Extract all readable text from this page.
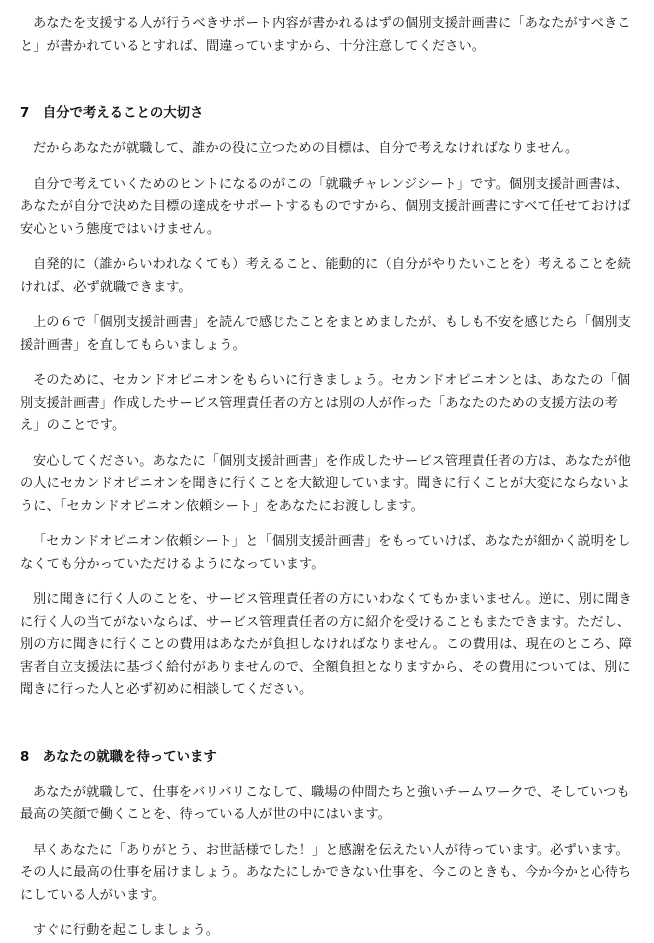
あなたを支援する人が行うべきサポート内容が書かれるはずの個別支援計画書に「あなたがすべきこと」が書かれているとすれば、間違っていますから、十分注意してください。

7　自分で考えることの大切さ

だからあなたが就職して、誰かの役に立つための目標は、自分で考えなければなりません。

自分で考えていくためのヒントになるのがこの「就職チャレンジシート」です。個別支援計画書は、あなたが自分で決めた目標の達成をサポートするものですから、個別支援計画書にすべて任せておけば安心という態度ではいけません。

自発的に（誰からいわれなくても）考えること、能動的に（自分がやりたいことを）考えることを続ければ、必ず就職できます。

上の６で「個別支援計画書」を読んで感じたことをまとめましたが、もしも不安を感じたら「個別支援計画書」を直してもらいましょう。

そのために、セカンドオピニオンをもらいに行きましょう。セカンドオピニオンとは、あなたの「個別支援計画書」作成したサービス管理責任者の方とは別の人が作った「あなたのための支援方法の考え」のことです。

安心してください。あなたに「個別支援計画書」を作成したサービス管理責任者の方は、あなたが他の人にセカンドオピニオンを聞きに行くことを大歓迎しています。聞きに行くことが大変にならないように、「セカンドオピニオン依頼シート」をあなたにお渡しします。

「セカンドオピニオン依頼シート」と「個別支援計画書」をもっていけば、あなたが細かく説明をしなくても分かっていただけるようになっています。

別に聞きに行く人のことを、サービス管理責任者の方にいわなくてもかまいません。逆に、別に聞きに行く人の当てがないならば、サービス管理責任者の方に紹介を受けることもまたできます。ただし、別の方に聞きに行くことの費用はあなたが負担しなければなりません。この費用は、現在のところ、障害者自立支援法に基づく給付がありませんので、全額負担となりますから、その費用については、別に聞きに行った人と必ず初めに相談してください。

8　あなたの就職を待っています

あなたが就職して、仕事をバリバリこなして、職場の仲間たちと強いチームワークで、そしていつも最高の笑顔で働くことを、待っている人が世の中にはいます。

早くあなたに「ありがとう、お世話様でした！」と感謝を伝えたい人が待っています。必ずいます。その人に最高の仕事を届けましょう。あなたにしかできない仕事を、今このときも、今か今かと心待ちにしている人がいます。

すぐに行動を起こしましょう。
